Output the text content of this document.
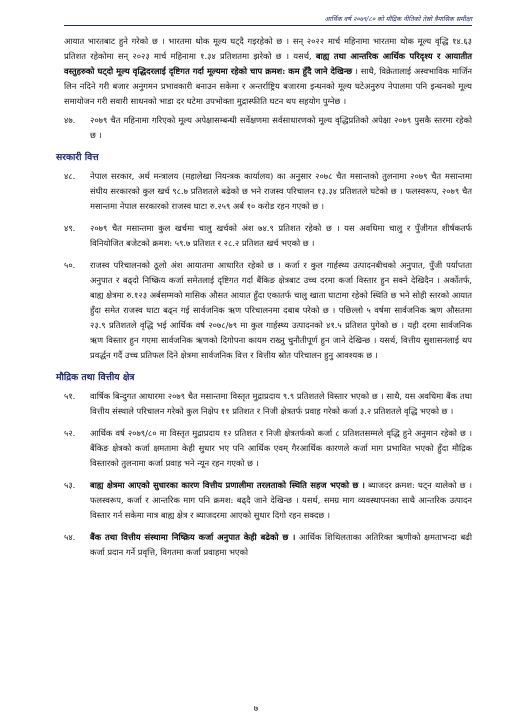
आर्थिक वर्ष २०७९/८० को मौद्रिक नीतिको तेस्रो त्रैमासिक समीक्षा
आयात भारतबाट हुने गरेको छ । भारतमा थोक मूल्य घट्दै गइरहेको छ । सन् २०२२ मार्च महिनामा भारतमा थोक मूल्य वृद्धि १४.६३ प्रतिशत रहेकोमा सन् २०२३ मार्च महिनामा १.३४ प्रतिशतमा झरेको छ । यसर्थ, बाह्य तथा आन्तरिक आर्थिक परिदृश्य र आयातीत वस्तुहरुको घट्दो मूल्य वृद्धिदरलाई दृष्टिगत गर्दा मूल्यमा रहेको चाप क्रमश: कम हुँदै जाने देखिन्छ । साथै, विक्रेतालाई अस्वभाविक मार्जिन लिन नदिने गरी बजार अनुगमन प्रभावकारी बनाउन सकेमा र अन्तर्राष्ट्रिय बजारमा इन्धनको मूल्य घटेअनुरुप नेपालमा पनि इन्धनको मूल्य समायोजन गरी सवारी साधनको भाडा दर घटेमा उपभोक्ता मुद्रास्फीति घटन थप सहयोग पुग्नेछ ।
४७. २०७९ चैत महिनामा गरिएको मूल्य अपेक्षासम्बन्धी सर्वेक्षणमा सर्वसाधारणको मूल्य वृद्धिप्रतिको अपेक्षा २०७९ पुसकै स्तरमा रहेको छ ।
सरकारी वित्त
४८. नेपाल सरकार, अर्थ मन्त्रालय (महालेखा नियन्त्रक कार्यालय) का अनुसार २०७८ चैत मसान्तको तुलनामा २०७९ चैत मसान्तमा संघीय सरकारको कुल खर्च ९८.७ प्रतिशतले बढेको छ भने राजस्व परिचालन १३.३४ प्रतिशतले घटेको छ । फलस्वरूप, २०७९ चैत मसान्तमा नेपाल सरकारको राजस्व घाटा रु.२५९ अर्ब १० करोड रहन गएको छ ।
४९. २०७९ चैत मसान्तमा कुल खर्चमा चालु खर्चको अंश ७४.९ प्रतिशत रहेको छ । यस अवधिमा चालु र पुँजीगत शीर्षकतर्फ विनियोजित बजेटको क्रमश: ५९.७ प्रतिशत र २८.२ प्रतिशत खर्च भएको छ ।
५०. राजस्व परिचालनको ठूलो अंश आयातमा आधारित रहेको छ । कर्जा र कुल गार्हस्थ्य उत्पादनबीचको अनुपात, पुँजी पर्याप्तता अनुपात र बढ्दो निष्क्रिय कर्जा समेतलाई दृष्टिगत गर्दा बैंकिङ क्षेत्रबाट उच्च दरमा कर्जा विस्तार हुन सक्ने देखिदैन । अर्कोतर्फ, बाह्य क्षेत्रमा रु.१२३ अर्बसम्मको मासिक औसत आयात हुँदा एकातर्फ चालु खाता घाटामा रहेको स्थिति छ भने सोही स्तरको आयात हुँदा समेत राजस्व घाटा बढ्न गई सार्वजनिक ऋण परिचालनमा दबाब परेको छ । पछिल्लो ५ वर्षमा सार्वजनिक ऋण औसतमा २३.९ प्रतिशतले वृद्धि भई आर्थिक वर्ष २०७८/७९ मा कुल गार्हस्थ्य उत्पादनको ४१.५ प्रतिशत पुगेको छ । यही दरमा सार्वजनिक ऋण विस्तार हुन गएमा सार्वजनिक ऋणको दिगोपना कायम राख्नु चुनौतीपूर्ण हुन जाने देखिन्छ । यसर्थ, वित्तीय सुशासनलाई थप प्रवर्द्धन गर्दै उच्च प्रतिफल दिने क्षेत्रमा सार्वजनिक वित्त र वित्तीय स्रोत परिचालन हुनु आवश्यक छ ।
मौद्रिक तथा वित्तीय क्षेत्र
५१. वार्षिक बिन्दुगत आधारमा २०७९ चैत मसान्तमा विस्तृत मुद्राप्रदाय ९.९ प्रतिशतले विस्तार भएको छ । साथै, यस अवधिमा बैंक तथा वित्तीय संस्थाले परिचालन गरेको कुल निक्षेप ११ प्रतिशत र निजी क्षेत्रतर्फ प्रवाह गरेको कर्जा ३.२ प्रतिशतले वृद्धि भएको छ ।
५२. आर्थिक वर्ष २०७९/८० मा विस्तृत मुद्राप्रदाय १२ प्रतिशत र निजी क्षेत्रतर्फको कर्जा ८ प्रतिशतसम्मले वृद्धि हुने अनुमान रहेको छ । बैंकिङ क्षेत्रको कर्जा क्षमतामा केही सुधार भए पनि आर्थिक एवम् गैरआर्थिक कारणले कर्जा माग प्रभावित भएको हुँदा मौद्रिक विस्तारको तुलनामा कर्जा प्रवाह भने न्यून रहन गएको छ ।
५३. बाह्य क्षेत्रमा आएको सुधारका कारण वित्तीय प्रणालीमा तरलताको स्थिति सहज भएको छ । ब्याजदर क्रमश: घट्न थालेको छ । फलस्वरूप, कर्जा र आन्तरिक माग पनि क्रमश: बढ्दै जाने देखिन्छ । यसर्थ, समग्र माग व्यवस्थापनका साथै आन्तरिक उत्पादन विस्तार गर्न सकेमा मात्र बाह्य क्षेत्र र ब्याजदरमा आएको सुधार दिगो रहन सक्दछ ।
५४. बैंक तथा वित्तीय संस्थामा निष्क्रिय कर्जा अनुपात केही बढेको छ । आर्थिक शिथिलताका अतिरिक्त ऋणीको क्षमताभन्दा बढी कर्जा प्रदान गर्ने प्रवृत्ति, विगतमा कर्जा प्रवाहमा भएको
७
